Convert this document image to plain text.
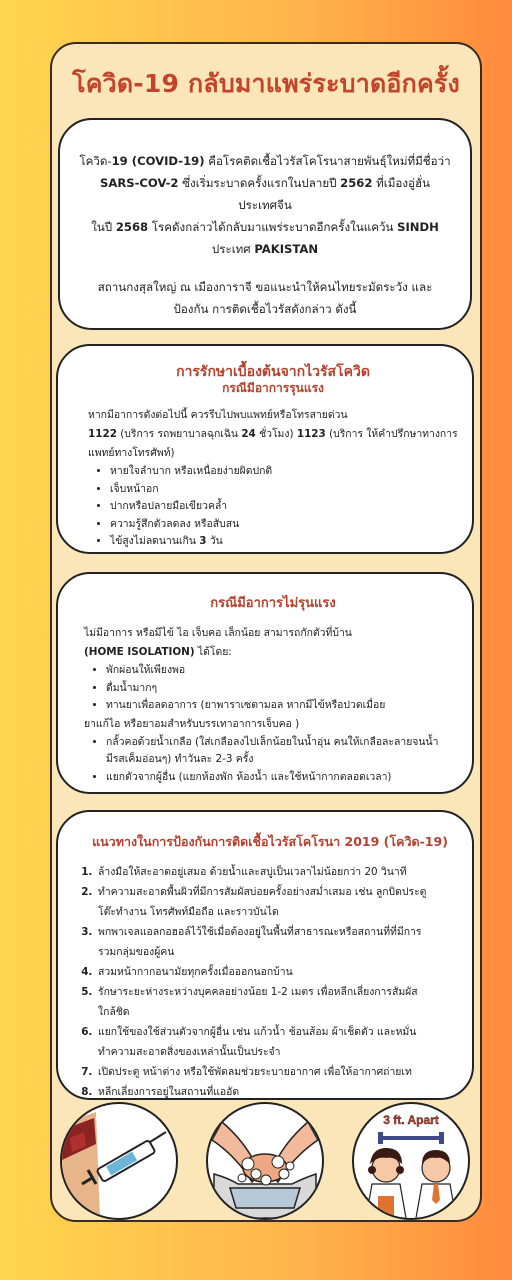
โควิด-19 กลับมาแพร่ระบาดอีกครั้ง

โควิด-19 (COVID-19) คือโรคติดเชื้อไวรัสโคโรนาสายพันธุ์ใหม่ที่มีชื่อว่า

SARS-COV-2 ซึ่งเริ่มระบาดครั้งแรกในปลายปี 2562 ที่เมืองอู่ฮั่น

ประเทศจีน

ในปี 2568 โรคดังกล่าวได้กลับมาแพร่ระบาดอีกครั้งในแคว้น SINDH

ประเทศ PAKISTAN

สถานกงสุลใหญ่ ณ เมืองการาจี ขอแนะนำให้คนไทยระมัดระวัง และ

ป้องกัน การติดเชื้อไวรัสดังกล่าว ดังนี้

การรักษาเบื้องต้นจากไวรัสโควิด
กรณีมีอาการรุนแรง

หากมีอาการดังต่อไปนี้ ควรรีบไปพบแพทย์หรือโทรสายด่วน

1122 (บริการ รถพยาบาลฉุกเฉิน 24 ชั่วโมง) 1123 (บริการ ให้คำปรึกษาทางการ

แพทย์ทางโทรศัพท์)

• หายใจลำบาก หรือเหนื่อยง่ายผิดปกติ
• เจ็บหน้าอก
• ปากหรือปลายมือเขียวคล้ำ
• ความรู้สึกตัวลดลง หรือสับสน
• ไข้สูงไม่ลดนานเกิน 3 วัน
กรณีมีอาการไม่รุนแรง

ไม่มีอาการ หรือมีไข้ ไอ เจ็บคอ เล็กน้อย สามารถกักตัวที่บ้าน

(HOME ISOLATION) ได้โดย:

• พักผ่อนให้เพียงพอ
• ดื่มน้ำมากๆ
• ทานยาเพื่อลดอาการ (ยาพาราเซตามอล หากมีไข้หรือปวดเมื่อย

ยาแก้ไอ หรือยาอมสำหรับบรรเทาอาการเจ็บคอ )

• กลั้วคอด้วยน้ำเกลือ (ใส่เกลือลงไปเล็กน้อยในน้ำอุ่น คนให้เกลือละลายจนน้ำ
มีรสเค็มอ่อนๆ) ทำวันละ 2-3 ครั้ง
• แยกตัวจากผู้อื่น (แยกห้องพัก ห้องน้ำ และใช้หน้ากากตลอดเวลา)
แนวทางในการป้องกันการติดเชื้อไวรัสโคโรนา 2019 (โควิด-19)
1. ล้างมือให้สะอาดอยู่เสมอ ด้วยน้ำและสบู่เป็นเวลาไม่น้อยกว่า 20 วินาที
2. ทำความสะอาดพื้นผิวที่มีการสัมผัสบ่อยครั้งอย่างสม่ำเสมอ เช่น ลูกบิดประตู
โต๊ะทำงาน โทรศัพท์มือถือ และราวบันได
3. พกพาเจลแอลกอฮอล์ไว้ใช้เมื่อต้องอยู่ในพื้นที่สาธารณะหรือสถานที่ที่มีการ
รวมกลุ่มของผู้คน
4. สวมหน้ากากอนามัยทุกครั้งเมื่อออกนอกบ้าน
5. รักษาระยะห่างระหว่างบุคคลอย่างน้อย 1-2 เมตร เพื่อหลีกเลี่ยงการสัมผัส
ใกล้ชิด
6. แยกใช้ของใช้ส่วนตัวจากผู้อื่น เช่น แก้วน้ำ ช้อนส้อม ผ้าเช็ดตัว และหมั่น
ทำความสะอาดสิ่งของเหล่านั้นเป็นประจำ
7. เปิดประตู หน้าต่าง หรือใช้พัดลมช่วยระบายอากาศ เพื่อให้อากาศถ่ายเท
8. หลีกเลี่ยงการอยู่ในสถานที่แออัด
3 ft. Apart
